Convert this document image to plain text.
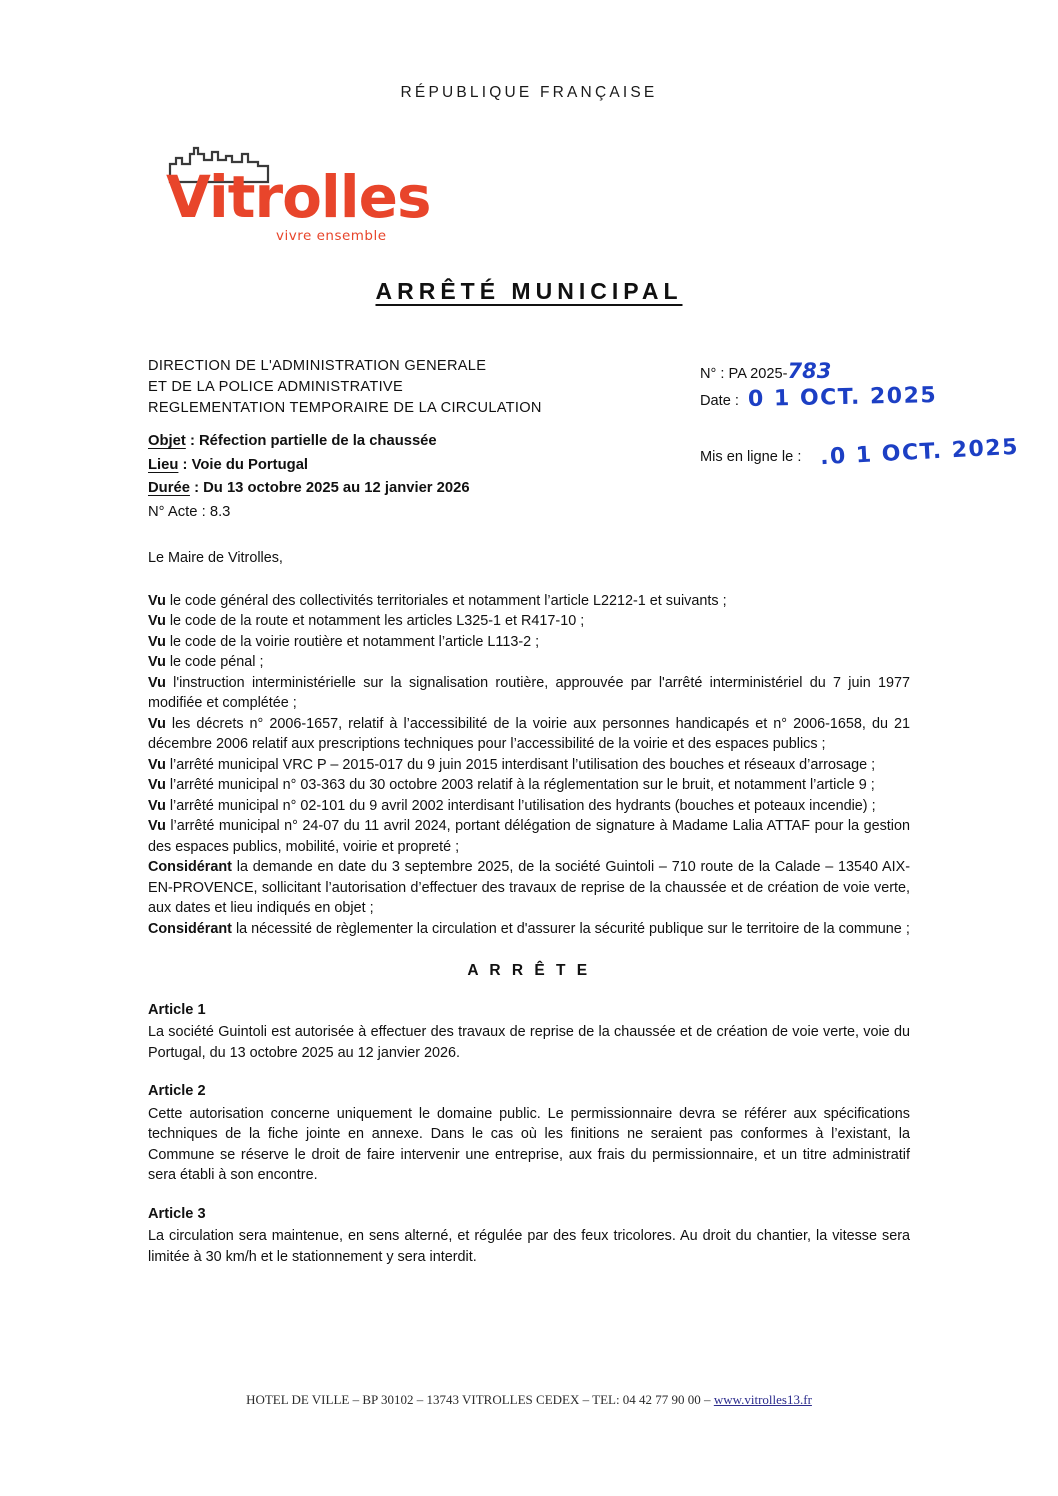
RÉPUBLIQUE FRANÇAISE
Vitrolles
vivre ensemble
ARRÊTÉ MUNICIPAL
DIRECTION DE L'ADMINISTRATION GENERALE
ET DE LA POLICE ADMINISTRATIVE
REGLEMENTATION TEMPORAIRE DE LA CIRCULATION
N° : PA 2025-783
Date :
Mis en ligne le :
0 1 OCT. 2025
.0 1 OCT. 2025
Objet : Réfection partielle de la chaussée
Lieu : Voie du Portugal
Durée : Du 13 octobre 2025 au 12 janvier 2026
N° Acte : 8.3

Le Maire de Vitrolles,

Vu le code général des collectivités territoriales et notamment l’article L2212-1 et suivants ;

Vu le code de la route et notamment les articles L325-1 et R417-10 ;

Vu le code de la voirie routière et notamment l’article L113-2 ;

Vu le code pénal ;

Vu l'instruction interministérielle sur la signalisation routière, approuvée par l'arrêté interministériel du 7 juin 1977 modifiée et complétée ;

Vu les décrets n° 2006-1657, relatif à l’accessibilité de la voirie aux personnes handicapés et n° 2006-1658, du 21 décembre 2006 relatif aux prescriptions techniques pour l’accessibilité de la voirie et des espaces publics ;

Vu l’arrêté municipal VRC P – 2015-017 du 9 juin 2015 interdisant l’utilisation des bouches et réseaux d’arrosage ;

Vu l’arrêté municipal n° 03-363 du 30 octobre 2003 relatif à la réglementation sur le bruit, et notamment l’article 9 ;

Vu l’arrêté municipal n° 02-101 du 9 avril 2002 interdisant l’utilisation des hydrants (bouches et poteaux incendie) ;

Vu l’arrêté municipal n° 24-07 du 11 avril 2024, portant délégation de signature à Madame Lalia ATTAF pour la gestion des espaces publics, mobilité, voirie et propreté ;

Considérant la demande en date du 3 septembre 2025, de la société Guintoli – 710 route de la Calade – 13540 AIX-EN-PROVENCE, sollicitant l’autorisation d’effectuer des travaux de reprise de la chaussée et de création de voie verte, aux dates et lieu indiqués en objet ;

Considérant la nécessité de règlementer la circulation et d'assurer la sécurité publique sur le territoire de la commune ;

A R R Ê T E
Article 1

La société Guintoli est autorisée à effectuer des travaux de reprise de la chaussée et de création de voie verte, voie du Portugal, du 13 octobre 2025 au 12 janvier 2026.

Article 2

Cette autorisation concerne uniquement le domaine public. Le permissionnaire devra se référer aux spécifications techniques de la fiche jointe en annexe. Dans le cas où les finitions ne seraient pas conformes à l’existant, la Commune se réserve le droit de faire intervenir une entreprise, aux frais du permissionnaire, et un titre administratif sera établi à son encontre.

Article 3

La circulation sera maintenue, en sens alterné, et régulée par des feux tricolores. Au droit du chantier, la vitesse sera limitée à 30 km/h et le stationnement y sera interdit.

HOTEL DE VILLE – BP 30102 – 13743 VITROLLES CEDEX – TEL: 04 42 77 90 00 – www.vitrolles13.fr
